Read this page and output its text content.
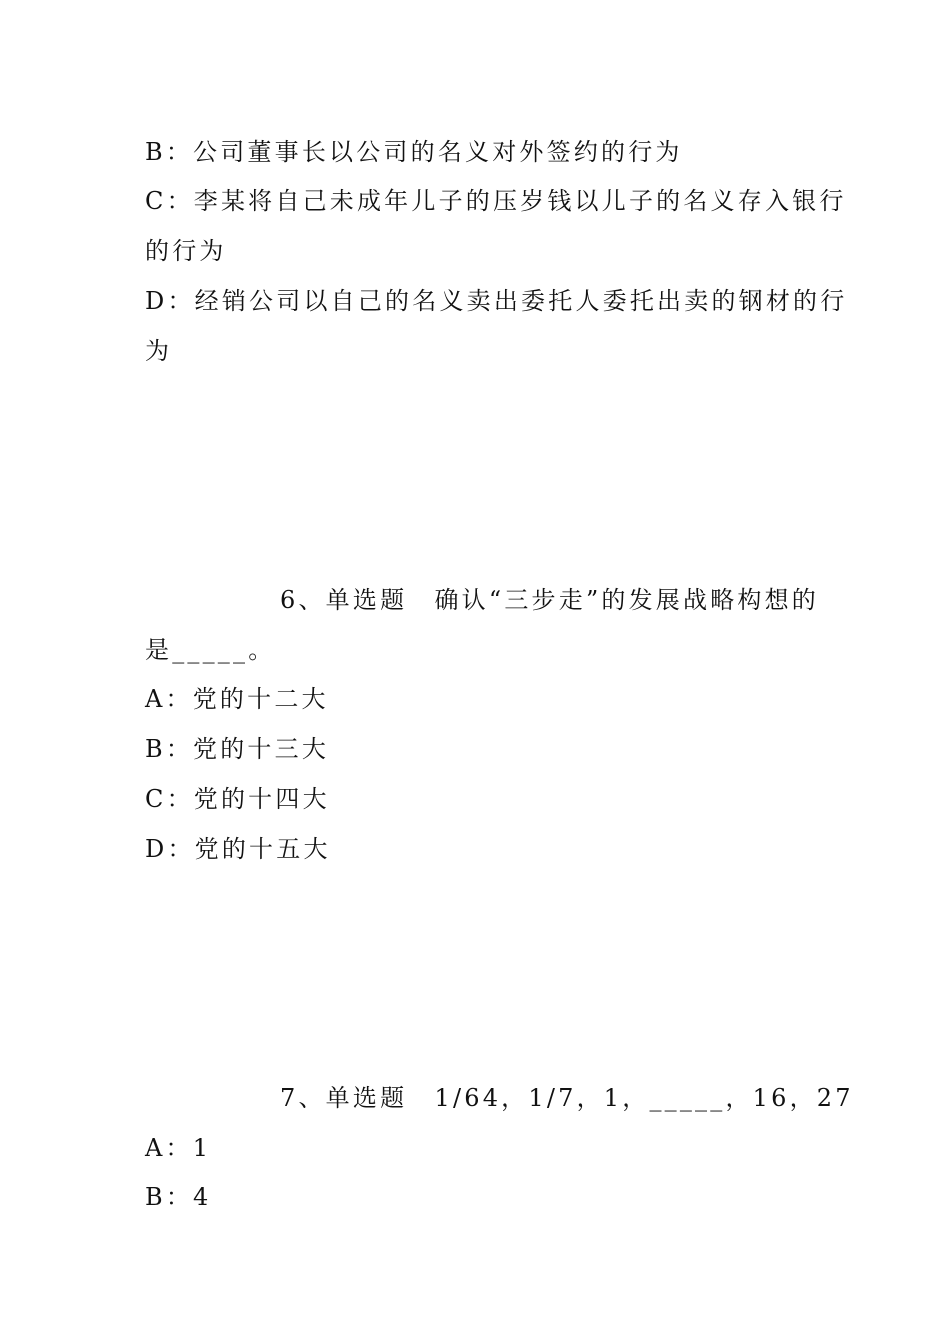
B：公司董事长以公司的名义对外签约的行为
C：李某将自己未成年儿子的压岁钱以儿子的名义存入银行
的行为
D：经销公司以自己的名义卖出委托人委托出卖的钢材的行
为
6、单选题　确认“三步走”的发展战略构想的
是_____。
A：党的十二大
B：党的十三大
C：党的十四大
D：党的十五大
7、单选题　1/64，1/7，1，_____，16，27
A：1
B：4
